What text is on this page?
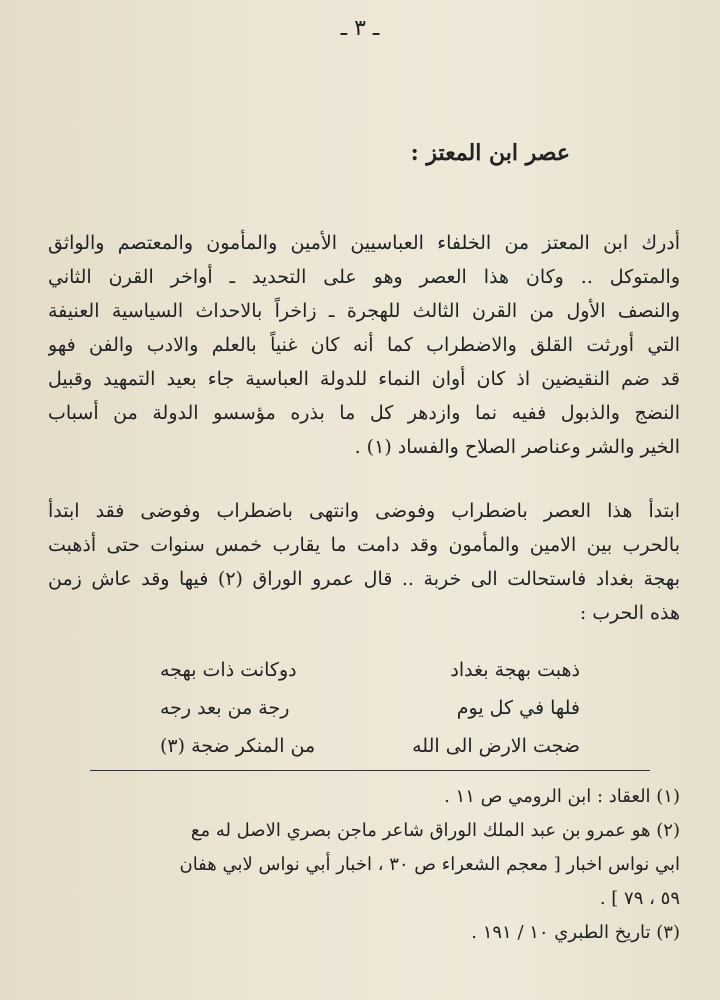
ـ ٣ ـ
عصر ابن المعتز :
أدرك ابن المعتز من الخلفاء العباسيين الأمين والمأمون والمعتصم والواثق
والمتوكل .. وكان هذا العصر وهو على التحديد ـ أواخر القرن الثاني
والنصف الأول من القرن الثالث للهجرة ـ زاخراً بالاحداث السياسية العنيفة
التي أورثت القلق والاضطراب كما أنه كان غنياً بالعلم والادب والفن فهو
قد ضم النقيضين اذ كان أوان النماء للدولة العباسية جاء بعيد التمهيد وقبيل
النضج والذبول ففيه نما وازدهر كل ما بذره مؤسسو الدولة من أسباب
الخير والشر وعناصر الصلاح والفساد (١) .
ابتدأ هذا العصر باضطراب وفوضى وانتهى باضطراب وفوضى فقد ابتدأ
بالحرب بين الامين والمأمون وقد دامت ما يقارب خمس سنوات حتى أذهبت
بهجة بغداد فاستحالت الى خربة .. قال عمرو الوراق (٢) فيها وقد عاش زمن
هذه الحرب :
ذهبت بهجة بغداد
دوكانت ذات بهجه
فلها في كل يوم
رجة من بعد رجه
ضجت الارض الى الله
من المنكر ضجة (٣)
(١) العقاد : ابن الرومي ص ١١ .
(٢) هو عمرو بن عبد الملك الوراق شاعر ماجن بصري الاصل له مع
ابي نواس اخبار [ معجم الشعراء ص ٣٠ ، اخبار أبي نواس لابي هفان
٥٩ ، ٧٩ ] .
(٣) تاريخ الطبري ١٠ / ١٩١ .
